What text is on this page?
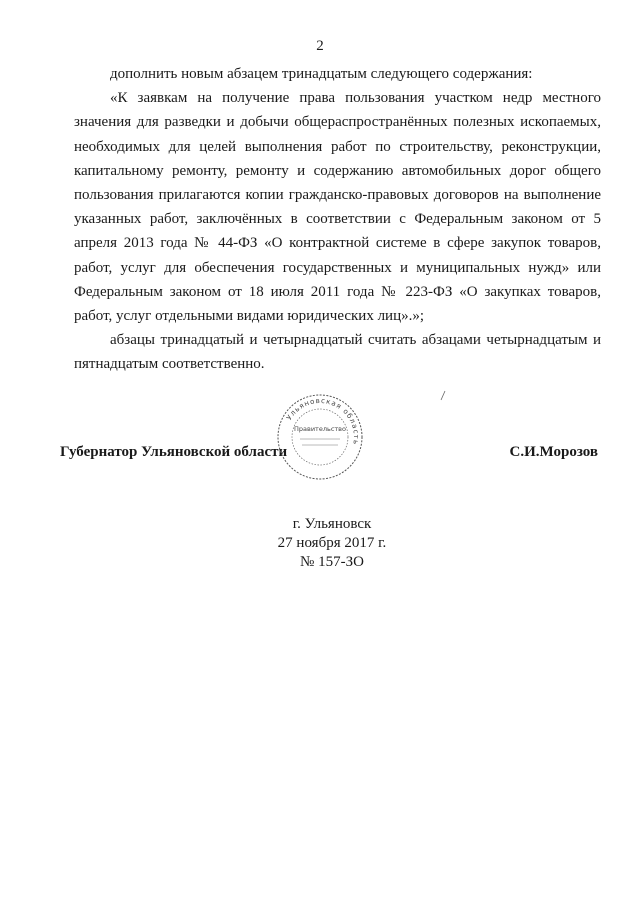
2

дополнить новым абзацем тринадцатым следующего содержания:

«К заявкам на получение права пользования участком недр местного значения для разведки и добычи общераспространённых полезных ископаемых, необходимых для целей выполнения работ по строительству, реконструкции, капитальному ремонту, ремонту и содержанию автомобильных дорог общего пользования прилагаются копии гражданско-правовых договоров на выполнение указанных работ, заключённых в соответствии с Федеральным законом от 5 апреля 2013 года № 44-ФЗ «О контрактной системе в сфере закупок товаров, работ, услуг для обеспечения государственных и муниципальных нужд» или Федеральным законом от 18 июля 2011 года № 223-ФЗ «О закупках товаров, работ, услуг отдельными видами юридических лиц».»;

абзацы тринадцатый и четырнадцатый считать абзацами четырнадцатым и пятнадцатым соответственно.

Губернатор Ульяновской области	С.И.Морозов
Ульяновская область
Правительство
г. Ульяновск
27 ноября 2017 г.
№ 157-ЗО
